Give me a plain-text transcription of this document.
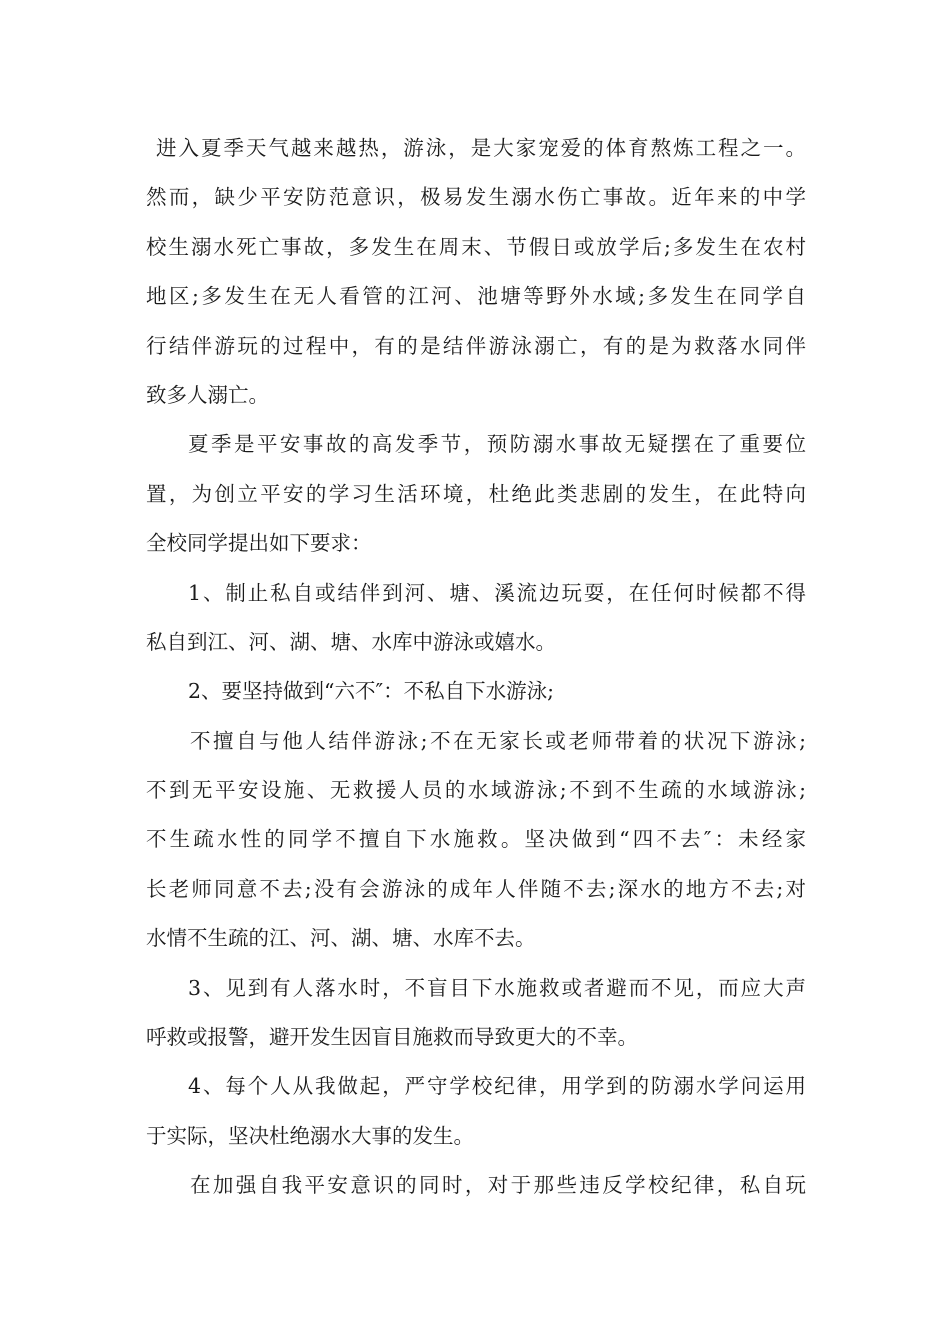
进入夏季天气越来越热，游泳，是大家宠爱的体育熬炼工程之一。
然而，缺少平安防范意识，极易发生溺水伤亡事故。近年来的中学
校生溺水死亡事故，多发生在周末、节假日或放学后;多发生在农村
地区;多发生在无人看管的江河、池塘等野外水域;多发生在同学自
行结伴游玩的过程中，有的是结伴游泳溺亡，有的是为救落水同伴
致多人溺亡。
夏季是平安事故的高发季节，预防溺水事故无疑摆在了重要位
置，为创立平安的学习生活环境，杜绝此类悲剧的发生，在此特向
全校同学提出如下要求：
1、制止私自或结伴到河、塘、溪流边玩耍，在任何时候都不得
私自到江、河、湖、塘、水库中游泳或嬉水。
2、要坚持做到“六不″：不私自下水游泳;
不擅自与他人结伴游泳;不在无家长或老师带着的状况下游泳;
不到无平安设施、无救援人员的水域游泳;不到不生疏的水域游泳;
不生疏水性的同学不擅自下水施救。坚决做到“四不去″：未经家
长老师同意不去;没有会游泳的成年人伴随不去;深水的地方不去;对
水情不生疏的江、河、湖、塘、水库不去。
3、见到有人落水时，不盲目下水施救或者避而不见，而应大声
呼救或报警，避开发生因盲目施救而导致更大的不幸。
4、每个人从我做起，严守学校纪律，用学到的防溺水学问运用
于实际，坚决杜绝溺水大事的发生。
在加强自我平安意识的同时，对于那些违反学校纪律，私自玩
